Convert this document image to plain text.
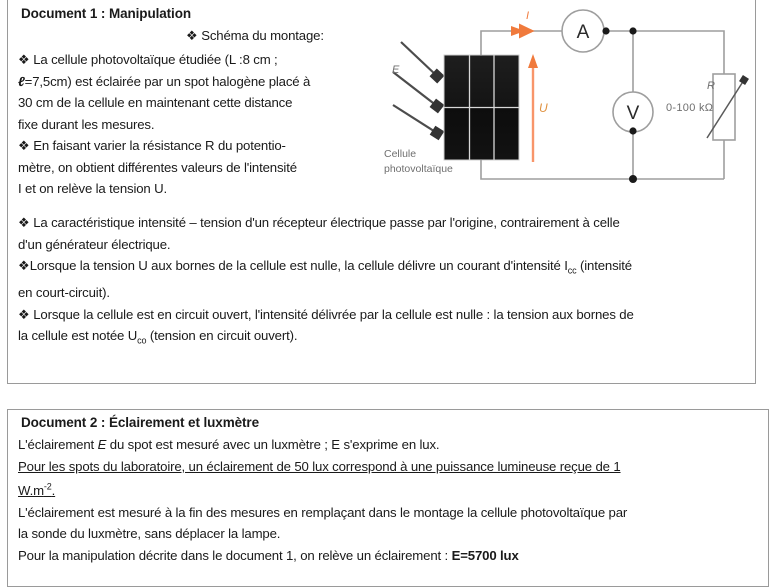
Document 1 : Manipulation
❖ Schéma du montage:
❖ La cellule photovoltaïque étudiée (L :8 cm ;
ℓ=7,5cm) est éclairée par un spot halogène placé à
30 cm de la cellule en maintenant cette distance
fixe durant les mesures.
❖ En faisant varier la résistance R du potentio-
mètre, on obtient différentes valeurs de l'intensité
I et on relève la tension U.
❖ La caractéristique intensité – tension d'un récepteur électrique passe par l'origine, contrairement à celle
d'un générateur électrique.
❖Lorsque la tension U aux bornes de la cellule est nulle, la cellule délivre un courant d'intensité $I_{cc}$ (intensité
en court-circuit).
❖ Lorsque la cellule est en circuit ouvert, l'intensité délivrée par la cellule est nulle : la tension aux bornes de
la cellule est notée $U_{co}$ (tension en circuit ouvert).
A
V
E
I
U
Cellule
photovoltaïque
0-100 kΩ
R
Document 2 : Éclairement et luxmètre
L'éclairement E du spot est mesuré avec un luxmètre ; E s'exprime en lux.
Pour les spots du laboratoire, un éclairement de 50 lux correspond à une puissance lumineuse reçue de 1
$W.m^{-2}$.
L'éclairement est mesuré à la fin des mesures en remplaçant dans le montage la cellule photovoltaïque par
la sonde du luxmètre, sans déplacer la lampe.
Pour la manipulation décrite dans le document 1, on relève un éclairement : E=5700 lux
